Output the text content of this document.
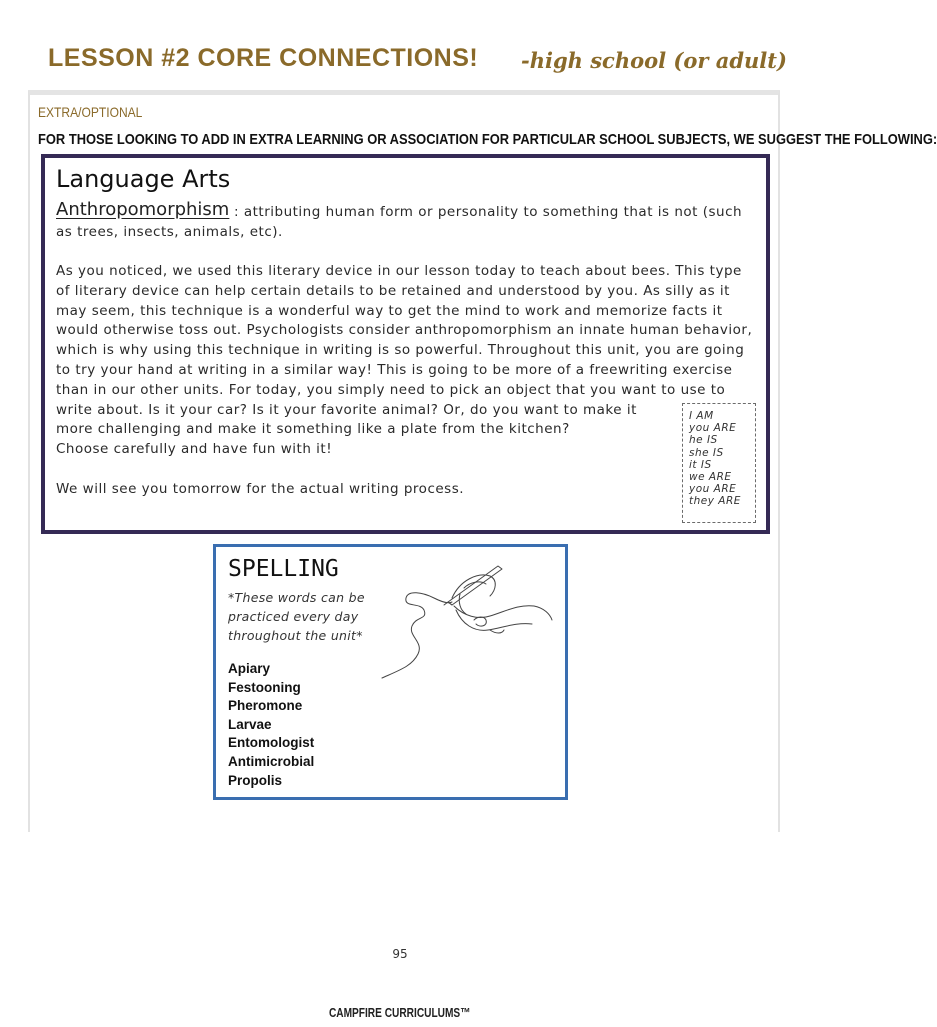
LESSON #2 CORE CONNECTIONS! -high school (or adult)
EXTRA/OPTIONAL
FOR THOSE LOOKING TO ADD IN EXTRA LEARNING OR ASSOCIATION FOR PARTICULAR SCHOOL SUBJECTS, WE SUGGEST THE FOLLOWING:
Language Arts
Anthropomorphism : attributing human form or personality to something that is not (such as trees, insects, animals, etc).
As you noticed, we used this literary device in our lesson today to teach about bees. This type
of literary device can help certain details to be retained and understood by you. As silly as it
may seem, this technique is a wonderful way to get the mind to work and memorize facts it
would otherwise toss out. Psychologists consider anthropomorphism an innate human behavior,
which is why using this technique in writing is so powerful. Throughout this unit, you are going
to try your hand at writing in a similar way! This is going to be more of a freewriting exercise
than in our other units. For today, you simply need to pick an object that you want to use to
write about. Is it your car? Is it your favorite animal? Or, do you want to make it
more challenging and make it something like a plate from the kitchen?
Choose carefully and have fun with it!
We will see you tomorrow for the actual writing process.
I AM
you ARE
he IS
she IS
it IS
we ARE
you ARE
they ARE
SPELLING
*These words can be practiced every day throughout the unit*
Apiary
Festooning
Pheromone
Larvae
Entomologist
Antimicrobial
Propolis
95
CAMPFIRE CURRICULUMS™
